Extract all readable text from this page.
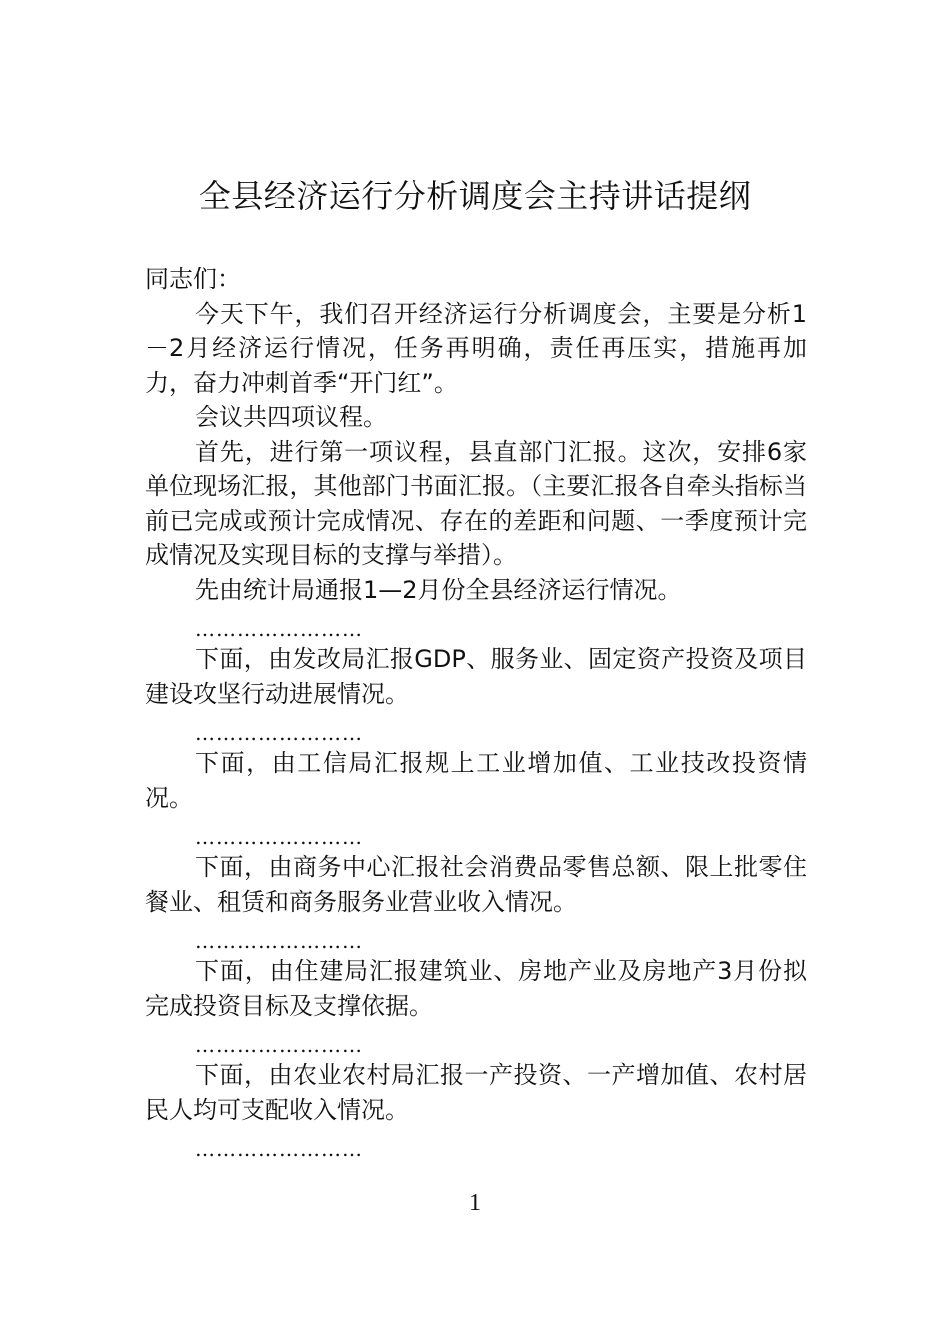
全县经济运行分析调度会主持讲话提纲

同志们：

今天下午，我们召开经济运行分析调度会，主要是分析1－2月经济运行情况，任务再明确，责任再压实，措施再加力，奋力冲刺首季“开门红”。

会议共四项议程。

首先，进行第一项议程，县直部门汇报。这次，安排6家单位现场汇报，其他部门书面汇报。（主要汇报各自牵头指标当前已完成或预计完成情况、存在的差距和问题、一季度预计完成情况及实现目标的支撑与举措）。

先由统计局通报1—2月份全县经济运行情况。

……………………

下面，由发改局汇报GDP、服务业、固定资产投资及项目建设攻坚行动进展情况。

……………………

下面，由工信局汇报规上工业增加值、工业技改投资情况。

……………………

下面，由商务中心汇报社会消费品零售总额、限上批零住餐业、租赁和商务服务业营业收入情况。

……………………

下面，由住建局汇报建筑业、房地产业及房地产3月份拟完成投资目标及支撑依据。

……………………

下面，由农业农村局汇报一产投资、一产增加值、农村居民人均可支配收入情况。

……………………

1
